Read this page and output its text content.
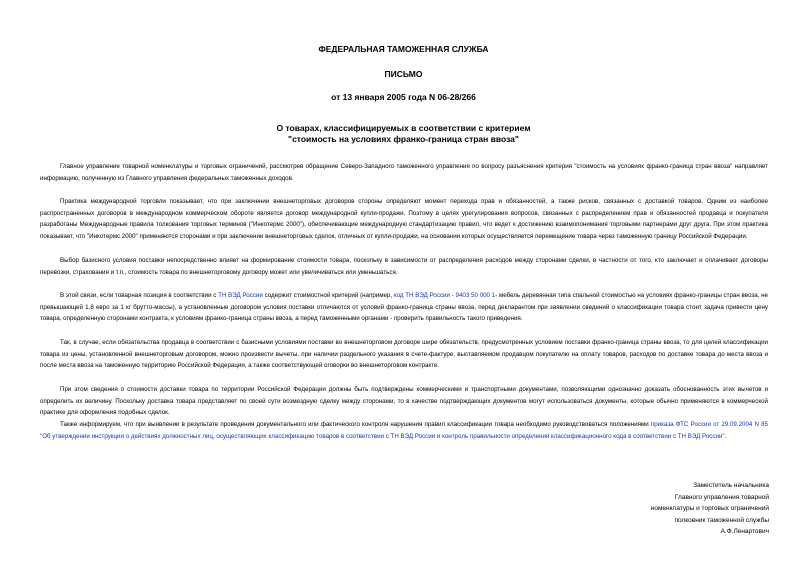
ФЕДЕРАЛЬНАЯ ТАМОЖЕННАЯ СЛУЖБА
ПИСЬМО
от 13 января 2005 года N 06-28/266
О товарах, классифицируемых в соответствии с критерием
"стоимость на условиях франко-граница стран ввоза"

Главное управление товарной номенклатуры и торговых ограничений, рассмотрев обращение Северо-Западного таможенного управления по вопросу разъяснения критерия "стоимость на условиях франко-граница стран ввоза" направляет информацию, полученную из Главного управления федеральных таможенных доходов.

Практика международной торговли показывает, что при заключении внешнеторговых договоров стороны определяют момент перехода прав и обязанностей, а также рисков, связанных с доставкой товаров. Одним из наиболее распространенных договоров в международном коммерческом обороте является договор международной купли-продажи. Поэтому в целях урегулирования вопросов, связанных с распределением прав и обязанностей продавца и покупателя разработаны Международные правила толкования торговых терминов ("Инкотермс 2000"), обеспечивающие международную стандартизацию правил, что ведет к достижению взаимопонимания торговыми партнерами друг друга. При этом практика показывает, что "Инкотермс 2000" применяются сторонами и при заключении внешнеторговых сделок, отличных от купли-продажи, на основании которых осуществляется перемещение товара через таможенную границу Российской Федерации.

Выбор базисного условия поставки непосредственно влияет на формирование стоимости товара, поскольку в зависимости от распределения расходов между сторонами сделки, в частности от того, кто заключает и оплачивает договоры перевозки, страхования и т.п., стоимость товара по внешнеторговому договору может или увеличиваться или уменьшаться.

В этой связи, если товарная позиция в соответствии с ТН ВЭД России содержит стоимостной критерий (например, код ТН ВЭД России - 9403 50 000 1- мебель деревянная типа спальной стоимостью на условиях франко-границы стран ввоза, не превышающей 1,8 евро за 1 кг брутто-массы), а установленные договором условия поставки отличаются от условий франко-граница страны ввоза, перед декларантом при заявлении сведений о классификации товара стоит задача привести цену товара, определенную сторонами контракта, к условиям франко-граница страны ввоза, а перед таможенными органами - проверить правильность такого приведения.

Так, в случае, если обязательства продавца в соответствии с базисными условиями поставки во внешнеторговом договоре шире обязательств, предусмотренных условием поставки франко-граница страны ввоза, то для целей классификации товара из цены, установленной внешнеторговым договором, можно произвести вычеты, при наличии раздельного указания в счете-фактуре, выставляемом продавцом покупателю на оплату товаров, расходов по доставке товара до места ввоза и после места ввоза на таможенную территорию Российской Федерации, а также соответствующей оговорки во внешнеторговом контракте.

При этом сведения о стоимости доставки товара по территории Российской Федерации должны быть подтверждены коммерческими и транспортными документами, позволяющими однозначно доказать обоснованность этих вычетов и определить их величину. Поскольку доставка товара представляет по своей сути возмездную сделку между сторонами, то в качестве подтверждающих документов могут использоваться документы, которые обычно применяются в коммерческой практике для оформления подобных сделок.

Также информируем, что при выявлении в результате проведения документального или фактического контроля нарушения правил классификации товара необходимо руководствоваться положениями приказа ФТС России от 29.09.2004 N 85 "Об утверждении инструкции о действиях должностных лиц, осуществляющих классификацию товаров в соответствии с ТН ВЭД России и контроль правильности определения классификационного кода в соответствии с ТН ВЭД России".

Заместитель начальника
Главного управления товарной
номенклатуры и торговых ограничений
полковник таможенной службы
А.Ф.Ленартович
